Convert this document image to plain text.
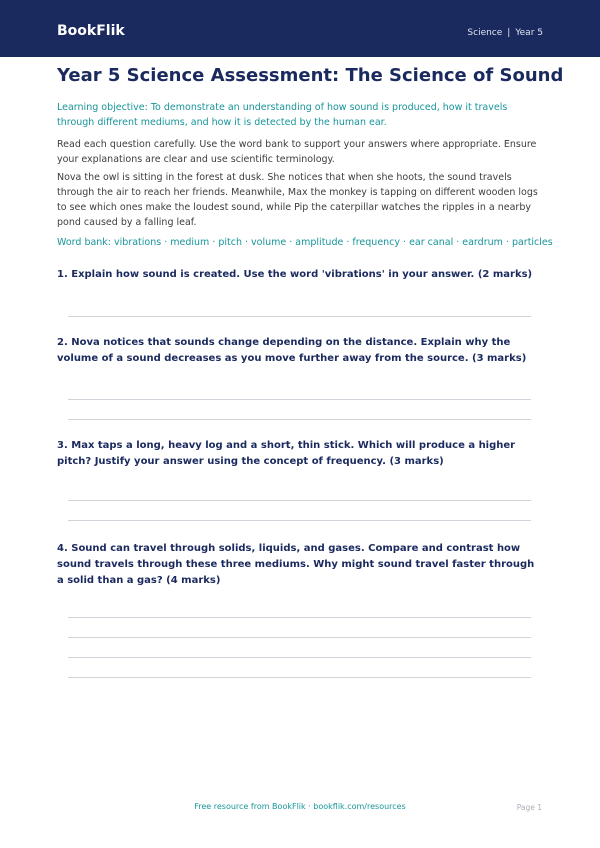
BookFlik	Science | Year 5
Year 5 Science Assessment: The Science of Sound
Learning objective: To demonstrate an understanding of how sound is produced, how it travels through different mediums, and how it is detected by the human ear.
Read each question carefully. Use the word bank to support your answers where appropriate. Ensure your explanations are clear and use scientific terminology.
Nova the owl is sitting in the forest at dusk. She notices that when she hoots, the sound travels through the air to reach her friends. Meanwhile, Max the monkey is tapping on different wooden logs to see which ones make the loudest sound, while Pip the caterpillar watches the ripples in a nearby pond caused by a falling leaf.
Word bank: vibrations · medium · pitch · volume · amplitude · frequency · ear canal · eardrum · particles
1. Explain how sound is created. Use the word 'vibrations' in your answer. (2 marks)
2. Nova notices that sounds change depending on the distance. Explain why the volume of a sound decreases as you move further away from the source. (3 marks)
3. Max taps a long, heavy log and a short, thin stick. Which will produce a higher pitch? Justify your answer using the concept of frequency. (3 marks)
4. Sound can travel through solids, liquids, and gases. Compare and contrast how sound travels through these three mediums. Why might sound travel faster through a solid than a gas? (4 marks)
Free resource from BookFlik · bookflik.com/resources	Page 1
